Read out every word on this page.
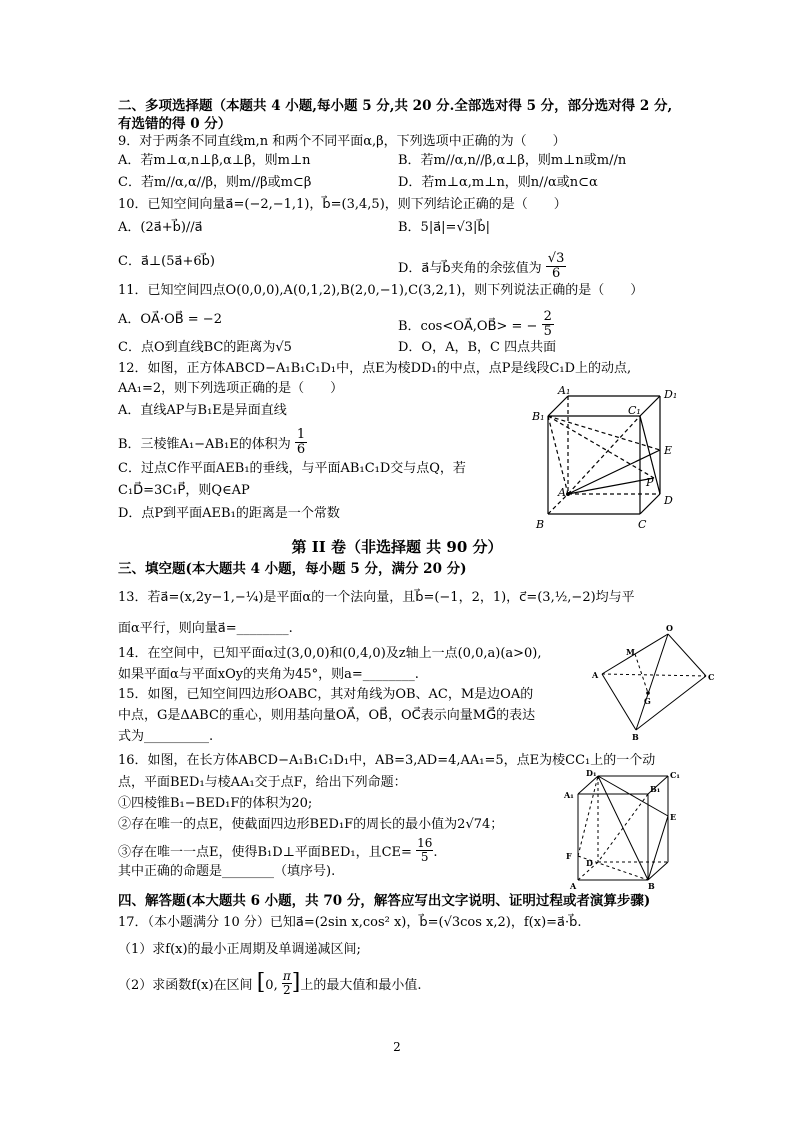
二、多项选择题（本题共 4 小题,每小题 5 分,共 20 分.全部选对得 5 分，部分选对得 2 分,
有选错的得 0 分）
9．对于两条不同直线m,n 和两个不同平面α,β，下列选项中正确的为（　　）
A．若m⊥α,n⊥β,α⊥β，则m⊥n	B．若m//α,n//β,α⊥β，则m⊥n或m//n
C．若m//α,α//β，则m//β或m⊂β	D．若m⊥α,m⊥n，则n//α或n⊂α
10．已知空间向量a⃗=(−2,−1,1)，b⃗=(3,4,5)，则下列结论正确的是（　　）
A．(2a⃗+b⃗)//a⃗	B．5|a⃗|=√3|b⃗|
C．a⃗⊥(5a⃗+6b⃗)	D．a⃗与b⃗夹角的余弦值为 $\frac{√3}{6}$
11．已知空间四点O(0,0,0),A(0,1,2),B(2,0,−1),C(3,2,1)，则下列说法正确的是（　　）
A．OA⃗·OB⃗ = −2	B．cos<OA⃗,OB⃗> = − $\frac{2}{5}$
C．点O到直线BC的距离为√5	D．O，A，B，C 四点共面
12．如图，正方体ABCD−A₁B₁C₁D₁中，点E为棱DD₁的中点，点P是线段C₁D上的动点,
AA₁=2，则下列选项正确的是（　　）
A．直线AP与B₁E是异面直线
B．三棱锥A₁−AB₁E的体积为 $\frac{1}{6}$
C．过点C作平面AEB₁的垂线，与平面AB₁C₁D交与点Q，若
C₁D⃗=3C₁P⃗，则Q∈AP
D．点P到平面AEB₁的距离是一个常数
A₁	D₁
B₁	C₁
E
P
A
D
B	C
第 II 卷（非选择题 共 90 分）
三、填空题(本大题共 4 小题，每小题 5 分，满分 20 分)
13．若a⃗=(x,2y−1,−¼)是平面α的一个法向量，且b⃗=(−1，2，1)，c⃗=(3,½,−2)均与平
面α平行，则向量a⃗=________.
14．在空间中，已知平面α过(3,0,0)和(0,4,0)及z轴上一点(0,0,a)(a>0),
如果平面α与平面xOy的夹角为45°，则a=________.
15．如图，已知空间四边形OABC，其对角线为OB、AC，M是边OA的
中点，G是ΔABC的重心，则用基向量OA⃗，OB⃗，OC⃗表示向量MG⃗的表达
式为__________.
O
M
A	C
G
B
16．如图，在长方体ABCD−A₁B₁C₁D₁中，AB=3,AD=4,AA₁=5，点E为棱CC₁上的一个动
点，平面BED₁与棱AA₁交于点F，给出下列命题：
①四棱锥B₁−BED₁F的体积为20;
②存在唯一的点E，使截面四边形BED₁F的周长的最小值为2√74；
③存在唯一一点E，使得B₁D⊥平面BED₁，且$CE= \frac{16}{5}$ .
其中正确的命题是________（填序号).
D₁	C₁
A₁
B₁
E
F
D
A	B
四、解答题(本大题共 6 小题，共 70 分，解答应写出文字说明、证明过程或者演算步骤)
17．（本小题满分 10 分）已知a⃗=(2sin x,cos² x)，b⃗=(√3cos x,2)，f(x)=a⃗·b⃗.
（1）求f(x)的最小正周期及单调递减区间;
（2）求函数f(x)在区间 [0, $\frac{\pi}{2}$ ]上的最大值和最小值.
2
